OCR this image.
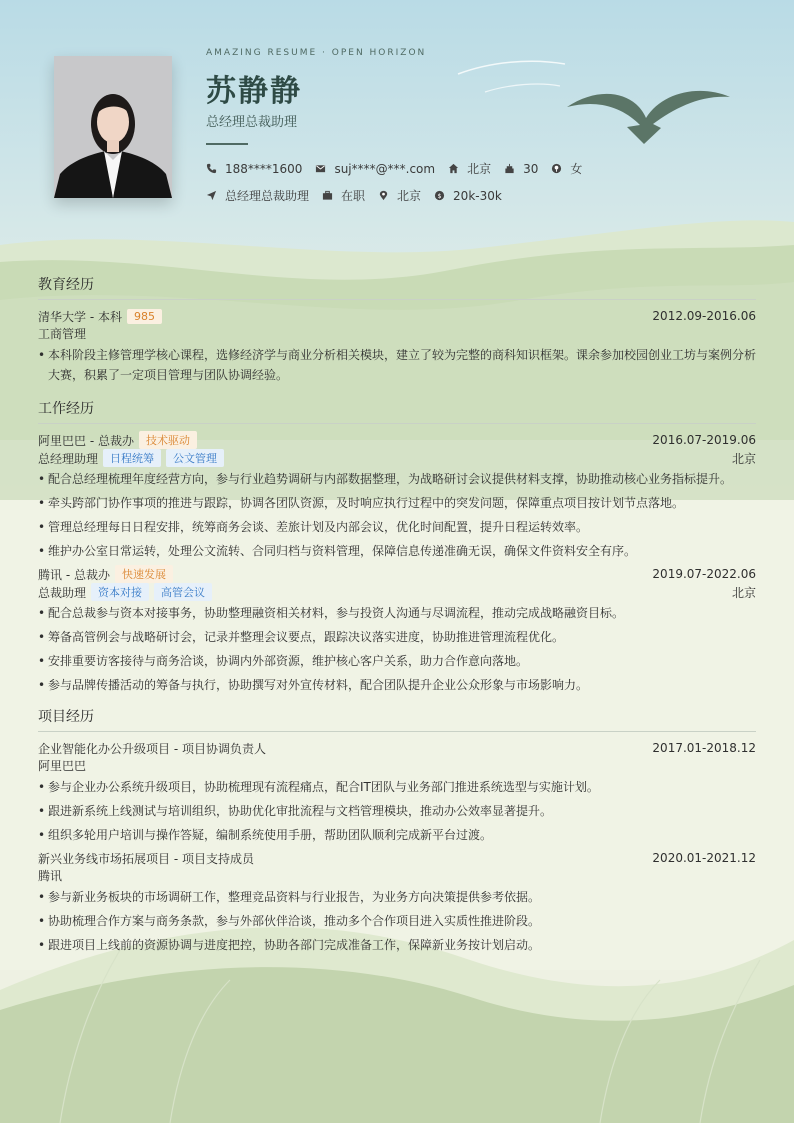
AMAZING RESUME · OPEN HORIZON
苏静静
总经理总裁助理
188****1600	suj****@***.com	北京	30	女
总经理总裁助理	在职	北京 $ 20k-30k
教育经历
清华大学 - 本科	985	2012.09-2016.06
工商管理
• 本科阶段主修管理学核心课程，选修经济学与商业分析相关模块，建立了较为完整的商科知识框架。课余参加校园创业工坊与案例分析大赛，积累了一定项目管理与团队协调经验。
工作经历
阿里巴巴 - 总裁办	技术驱动	2016.07-2019.06
总经理助理	日程统筹	公文管理	北京
• 配合总经理梳理年度经营方向，参与行业趋势调研与内部数据整理，为战略研讨会议提供材料支撑，协助推动核心业务指标提升。
• 牵头跨部门协作事项的推进与跟踪，协调各团队资源，及时响应执行过程中的突发问题，保障重点项目按计划节点落地。
• 管理总经理每日日程安排，统筹商务会谈、差旅计划及内部会议，优化时间配置，提升日程运转效率。
• 维护办公室日常运转，处理公文流转、合同归档与资料管理，保障信息传递准确无误，确保文件资料安全有序。
腾讯 - 总裁办	快速发展	2019.07-2022.06
总裁助理	资本对接	高管会议	北京
• 配合总裁参与资本对接事务，协助整理融资相关材料，参与投资人沟通与尽调流程，推动完成战略融资目标。
• 筹备高管例会与战略研讨会，记录并整理会议要点，跟踪决议落实进度，协助推进管理流程优化。
• 安排重要访客接待与商务洽谈，协调内外部资源，维护核心客户关系，助力合作意向落地。
• 参与品牌传播活动的筹备与执行，协助撰写对外宣传材料，配合团队提升企业公众形象与市场影响力。
项目经历
企业智能化办公升级项目 - 项目协调负责人	2017.01-2018.12
阿里巴巴
• 参与企业办公系统升级项目，协助梳理现有流程痛点，配合IT团队与业务部门推进系统选型与实施计划。
• 跟进新系统上线测试与培训组织，协助优化审批流程与文档管理模块，推动办公效率显著提升。
• 组织多轮用户培训与操作答疑，编制系统使用手册，帮助团队顺利完成新平台过渡。
新兴业务线市场拓展项目 - 项目支持成员	2020.01-2021.12
腾讯
• 参与新业务板块的市场调研工作，整理竞品资料与行业报告，为业务方向决策提供参考依据。
• 协助梳理合作方案与商务条款，参与外部伙伴洽谈，推动多个合作项目进入实质性推进阶段。
• 跟进项目上线前的资源协调与进度把控，协助各部门完成准备工作，保障新业务按计划启动。
